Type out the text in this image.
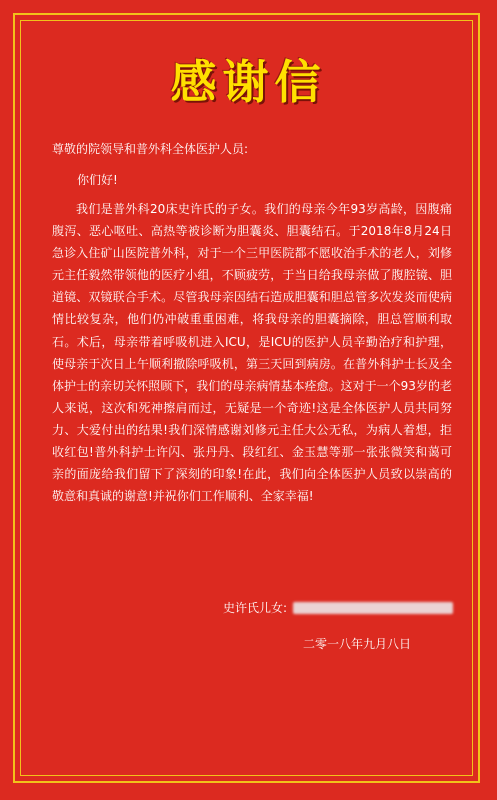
感谢信
尊敬的院领导和普外科全体医护人员:
你们好!

我们是普外科20床史许氏的子女。我们的母亲今年93岁高龄，因腹痛腹泻、恶心呕吐、高热等被诊断为胆囊炎、胆囊结石。于2018年8月24日急诊入住矿山医院普外科，对于一个三甲医院都不愿收治手术的老人，刘修元主任毅然带领他的医疗小组，不顾疲劳，于当日给我母亲做了腹腔镜、胆道镜、双镜联合手术。尽管我母亲因结石造成胆囊和胆总管多次发炎而使病情比较复杂，他们仍冲破重重困难，将我母亲的胆囊摘除，胆总管顺利取石。术后，母亲带着呼吸机进入ICU，是ICU的医护人员辛勤治疗和护理，使母亲于次日上午顺利撤除呼吸机，第三天回到病房。在普外科护士长及全体护士的亲切关怀照顾下，我们的母亲病情基本痊愈。这对于一个93岁的老人来说，这次和死神擦肩而过，无疑是一个奇迹!这是全体医护人员共同努力、大爱付出的结果!我们深情感谢刘修元主任大公无私，为病人着想，拒收红包!普外科护士许闪、张丹丹、段红红、金玉慧等那一张张微笑和蔼可亲的面庞给我们留下了深刻的印象!在此，我们向全体医护人员致以崇高的敬意和真诚的谢意!并祝你们工作顺利、全家幸福!

史许氏儿女:
二零一八年九月八日
